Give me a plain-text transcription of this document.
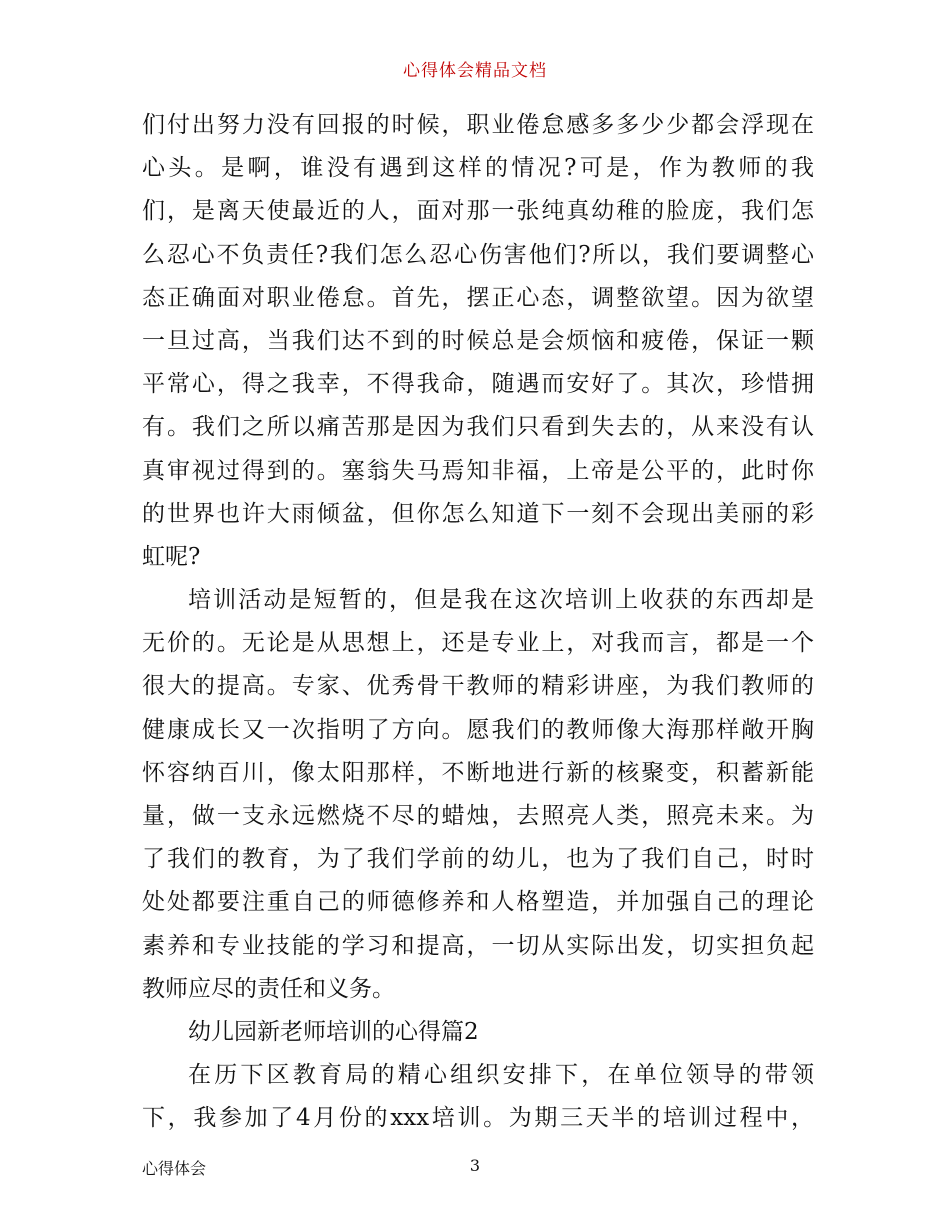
心得体会精品文档
们付出努力没有回报的时候，职业倦怠感多多少少都会浮现在
心头。是啊，谁没有遇到这样的情况?可是，作为教师的我
们，是离天使最近的人，面对那一张纯真幼稚的脸庞，我们怎
么忍心不负责任?我们怎么忍心伤害他们?所以，我们要调整心
态正确面对职业倦怠。首先，摆正心态，调整欲望。因为欲望
一旦过高，当我们达不到的时候总是会烦恼和疲倦，保证一颗
平常心，得之我幸，不得我命，随遇而安好了。其次，珍惜拥
有。我们之所以痛苦那是因为我们只看到失去的，从来没有认
真审视过得到的。塞翁失马焉知非福，上帝是公平的，此时你
的世界也许大雨倾盆，但你怎么知道下一刻不会现出美丽的彩
虹呢?
培训活动是短暂的，但是我在这次培训上收获的东西却是
无价的。无论是从思想上，还是专业上，对我而言，都是一个
很大的提高。专家、优秀骨干教师的精彩讲座，为我们教师的
健康成长又一次指明了方向。愿我们的教师像大海那样敞开胸
怀容纳百川，像太阳那样，不断地进行新的核聚变，积蓄新能
量，做一支永远燃烧不尽的蜡烛，去照亮人类，照亮未来。为
了我们的教育，为了我们学前的幼儿，也为了我们自己，时时
处处都要注重自己的师德修养和人格塑造，并加强自己的理论
素养和专业技能的学习和提高，一切从实际出发，切实担负起
教师应尽的责任和义务。
幼儿园新老师培训的心得篇2
在历下区教育局的精心组织安排下，在单位领导的带领
下，我参加了4月份的xxx培训。为期三天半的培训过程中，
心得体会	3
